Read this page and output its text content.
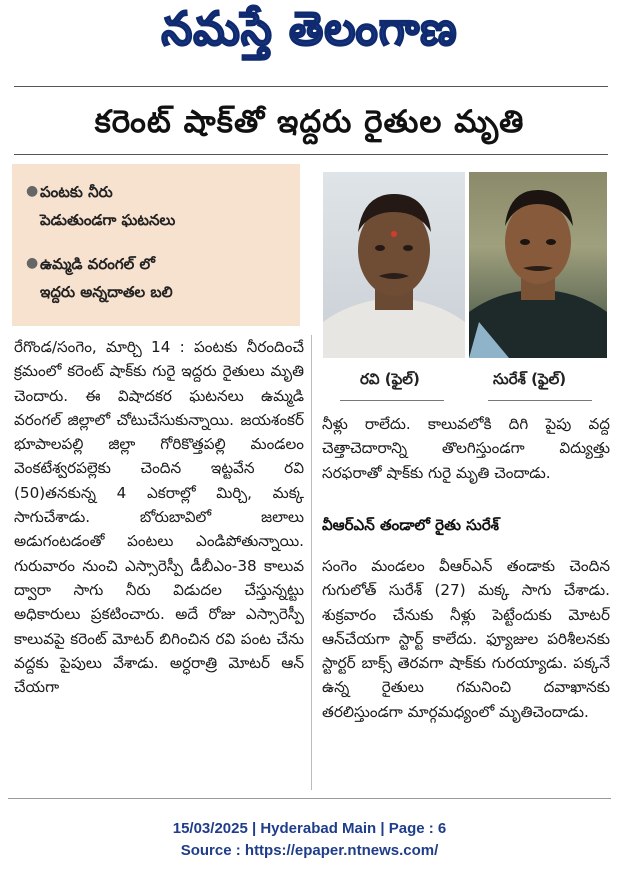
నమస్తే తెలంగాణ
కరెంట్ షాక్‌తో ఇద్దరు రైతుల మృతి
● పంటకు నీరు
పెడుతుండగా ఘటనలు
● ఉమ్మడి వరంగల్ లో
ఇద్దరు అన్నదాతల బలి
రవి (ఫైల్)	సురేశ్ (ఫైల్)

రేగొండ/సంగెం, మార్చి 14 : పంటకు నీరందించే క్రమంలో కరెంట్ షాక్‌కు గురై ఇద్దరు రైతులు మృతి చెందారు. ఈ విషాదకర ఘటనలు ఉమ్మడి వరంగల్ జిల్లాలో చోటుచేసుకున్నాయి. జయశంకర్ భూపాలపల్లి జిల్లా గోరికొత్తపల్లి మండలం వెంకటేశ్వరపల్లెకు చెందిన ఇట్టవేన రవి (50)తనకున్న 4 ఎకరాల్లో మిర్చి, మక్క సాగుచేశాడు. బోరుబావిలో జలాలు అడుగంటడంతో పంటలు ఎండిపోతున్నాయి. గురువారం నుంచి ఎస్సారెస్పీ డీబీఎం-38 కాలువ ద్వారా సాగు నీరు విడుదల చేస్తున్నట్టు అధికారులు ప్రకటించారు. అదే రోజు ఎస్సారెస్పీ కాలువపై కరెంట్ మోటర్ బిగించిన రవి పంట చేను వద్దకు పైపులు వేశాడు. అర్ధరాత్రి మోటర్ ఆన్ చేయగా

నీళ్లు రాలేదు. కాలువలోకి దిగి పైపు వద్ద చెత్తాచెదారాన్ని తొలగిస్తుండగా విద్యుత్తు సరఫరాతో షాక్‌కు గురై మృతి చెందాడు.

వీఆర్ఎన్ తండాలో రైతు సురేశ్

సంగెం మండలం వీఆర్ఎన్ తండాకు చెందిన గుగులోత్ సురేశ్ (27) మక్క సాగు చేశాడు. శుక్రవారం చేనుకు నీళ్లు పెట్టేందుకు మోటర్ ఆన్‌చేయగా స్టార్ట్ కాలేదు. ఫ్యూజుల పరిశీలనకు స్టార్టర్ బాక్స్ తెరవగా షాక్‌కు గురయ్యాడు. పక్కనే ఉన్న రైతులు గమనించి దవాఖానకు తరలిస్తుండగా మార్గమధ్యంలో మృతిచెందాడు.

15/03/2025 | Hyderabad Main | Page : 6
Source : https://epaper.ntnews.com/
